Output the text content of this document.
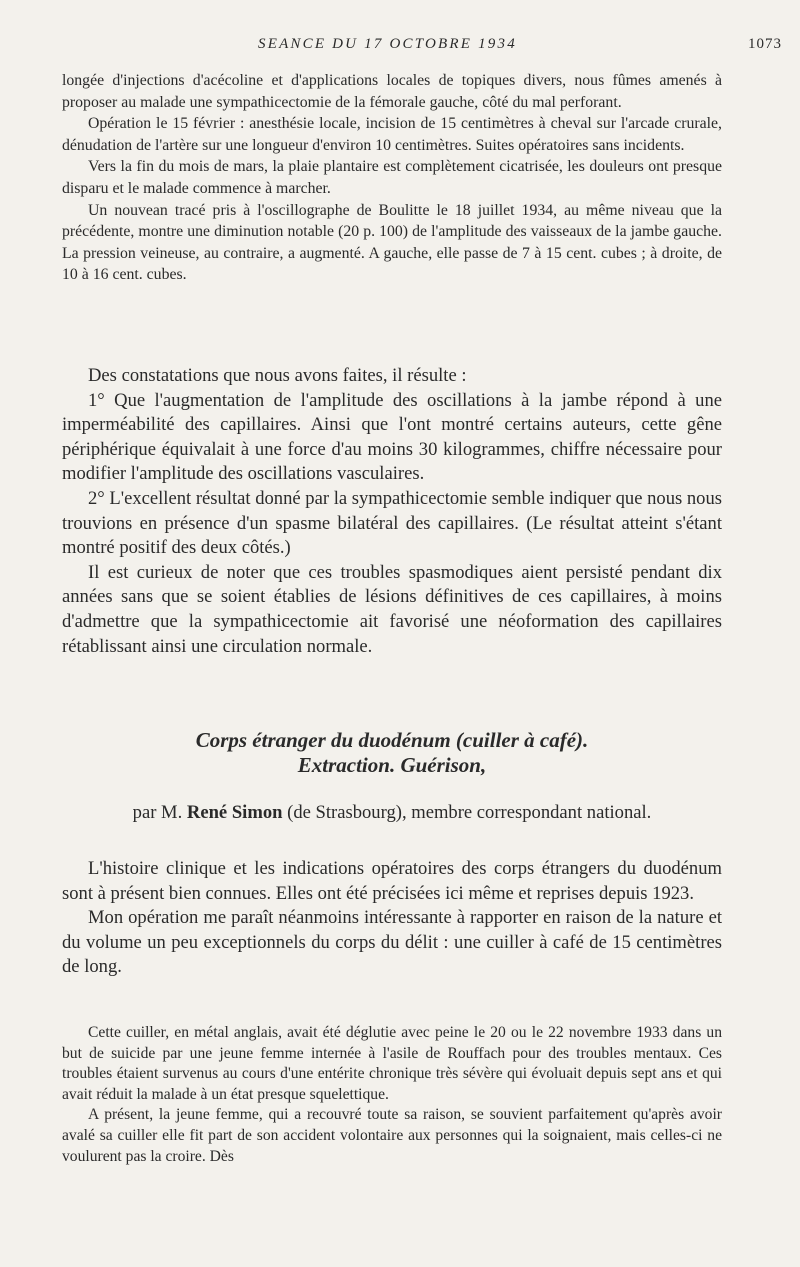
SEANCE DU 17 OCTOBRE 1934	1073

longée d'injections d'acécoline et d'applications locales de topiques divers, nous fûmes amenés à proposer au malade une sympathicectomie de la fémorale gauche, côté du mal perforant.

Opération le 15 février : anesthésie locale, incision de 15 centimètres à cheval sur l'arcade crurale, dénudation de l'artère sur une longueur d'environ 10 centimètres. Suites opératoires sans incidents.

Vers la fin du mois de mars, la plaie plantaire est complètement cicatrisée, les douleurs ont presque disparu et le malade commence à marcher.

Un nouvean tracé pris à l'oscillographe de Boulitte le 18 juillet 1934, au même niveau que la précédente, montre une diminution notable (20 p. 100) de l'amplitude des vaisseaux de la jambe gauche. La pression veineuse, au contraire, a augmenté. A gauche, elle passe de 7 à 15 cent. cubes ; à droite, de 10 à 16 cent. cubes.

Des constatations que nous avons faites, il résulte :

1° Que l'augmentation de l'amplitude des oscillations à la jambe répond à une imperméabilité des capillaires. Ainsi que l'ont montré certains auteurs, cette gêne périphérique équivalait à une force d'au moins 30 kilogrammes, chiffre nécessaire pour modifier l'amplitude des oscillations vasculaires.

2° L'excellent résultat donné par la sympathicectomie semble indiquer que nous nous trouvions en présence d'un spasme bilatéral des capillaires. (Le résultat atteint s'étant montré positif des deux côtés.)

Il est curieux de noter que ces troubles spasmodiques aient persisté pendant dix années sans que se soient établies de lésions définitives de ces capillaires, à moins d'admettre que la sympathicectomie ait favorisé une néoformation des capillaires rétablissant ainsi une circulation normale.

Corps étranger du duodénum (cuiller à café).
Extraction. Guérison,
par M. René Simon (de Strasbourg), membre correspondant national.

L'histoire clinique et les indications opératoires des corps étrangers du duodénum sont à présent bien connues. Elles ont été précisées ici même et reprises depuis 1923.

Mon opération me paraît néanmoins intéressante à rapporter en raison de la nature et du volume un peu exceptionnels du corps du délit : une cuiller à café de 15 centimètres de long.

Cette cuiller, en métal anglais, avait été déglutie avec peine le 20 ou le 22 novembre 1933 dans un but de suicide par une jeune femme internée à l'asile de Rouffach pour des troubles mentaux. Ces troubles étaient survenus au cours d'une entérite chronique très sévère qui évoluait depuis sept ans et qui avait réduit la malade à un état presque squelettique.

A présent, la jeune femme, qui a recouvré toute sa raison, se souvient parfaitement qu'après avoir avalé sa cuiller elle fit part de son accident volontaire aux personnes qui la soignaient, mais celles-ci ne voulurent pas la croire. Dès
